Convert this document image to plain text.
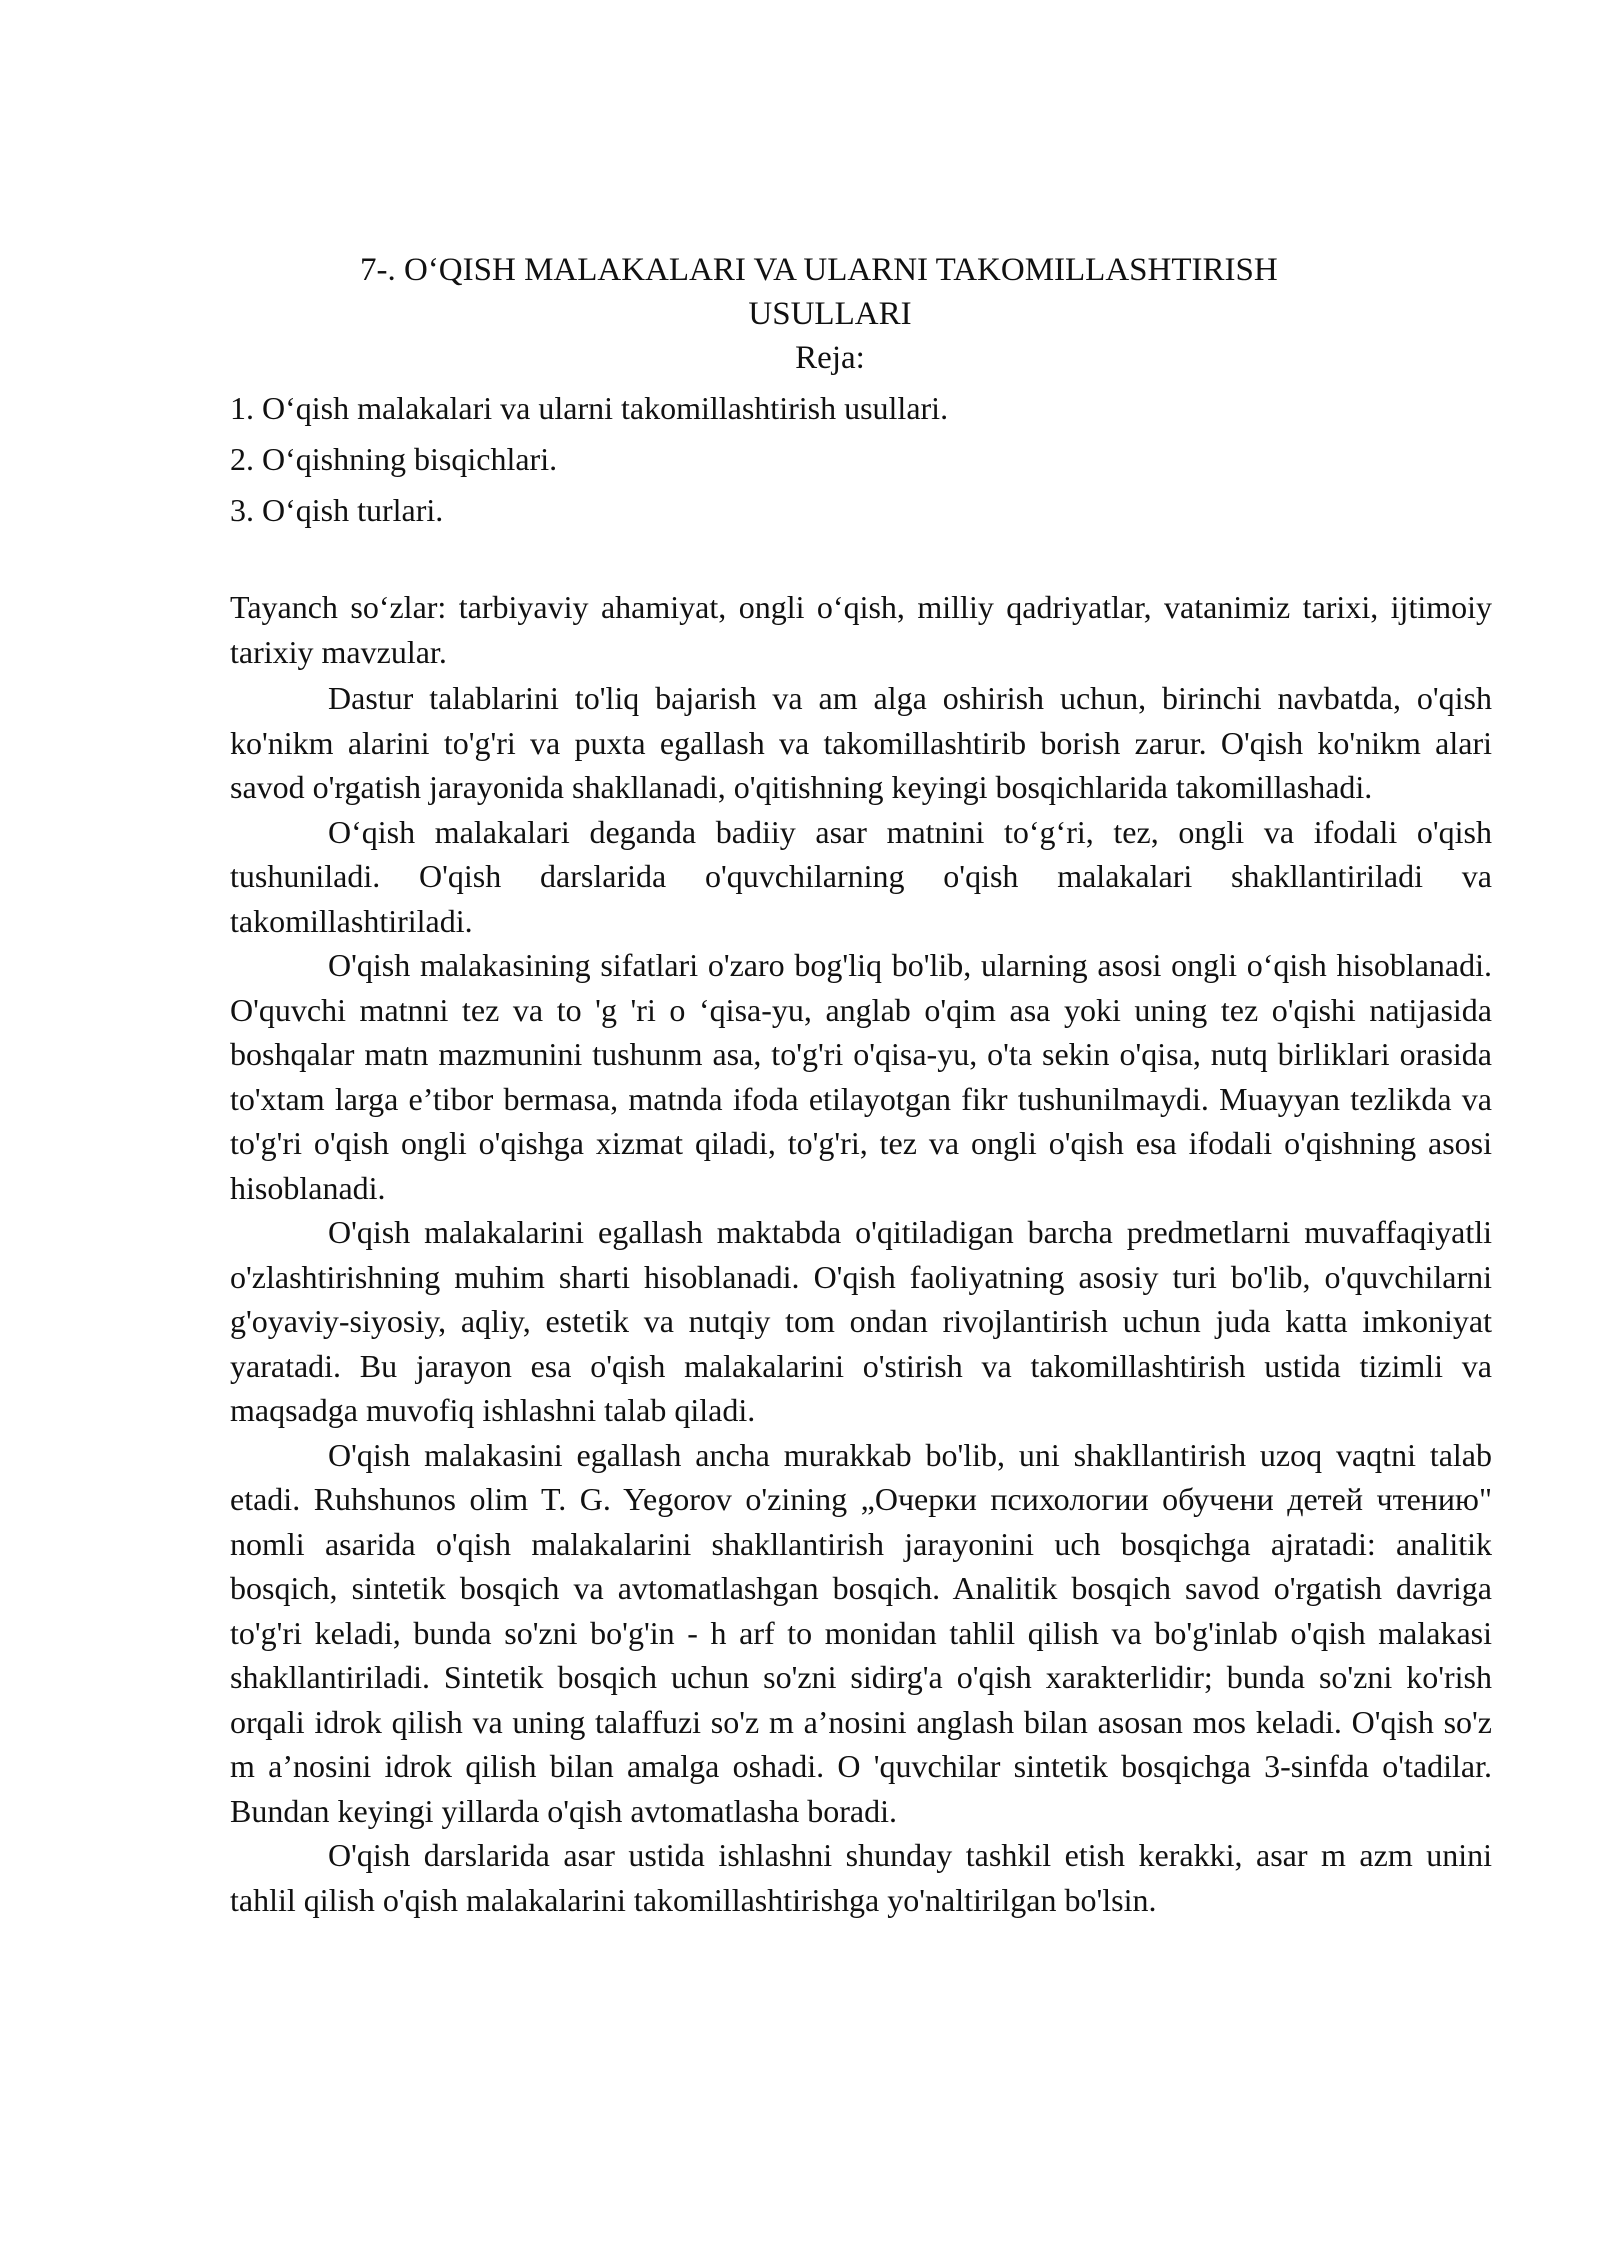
7-. O‘QISH MALAKALARI VA ULARNI TAKOMILLASHTIRISH
USULLARI
Reja:
1. O‘qish malakalari va ularni takomillashtirish usullari.
2. O‘qishning bisqichlari.
3. O‘qish turlari.

Tayanch so‘zlar: tarbiyaviy ahamiyat, ongli o‘qish, milliy qadriyatlar, vatanimiz tarixi, ijtimoiy tarixiy mavzular.

Dastur talablarini to'liq bajarish va am alga oshirish uchun, birinchi navbatda, o'qish ko'nikm alarini to'g'ri va puxta egallash va takomillashtirib borish zarur. O'qish ko'nikm alari savod o'rgatish jarayonida shakllanadi, o'qitishning keyingi bosqichlarida takomillashadi.

O‘qish malakalari deganda badiiy asar matnini to‘g‘ri, tez, ongli va ifodali o'qish tushuniladi. O'qish darslarida o'quvchilarning o'qish malakalari shakllantiriladi va takomillashtiriladi.

O'qish malakasining sifatlari o'zaro bog'liq bo'lib, ularning asosi ongli o‘qish hisoblanadi. O'quvchi matnni tez va to 'g 'ri o ‘qisa-yu, anglab o'qim asa yoki uning tez o'qishi natijasida boshqalar matn mazmunini tushunm asa, to'g'ri o'qisa-yu, o'ta sekin o'qisa, nutq birliklari orasida to'xtam larga e’tibor bermasa, matnda ifoda etilayotgan fikr tushunilmaydi. Muayyan tezlikda va to'g'ri o'qish ongli o'qishga xizmat qiladi, to'g'ri, tez va ongli o'qish esa ifodali o'qishning asosi hisoblanadi.

O'qish malakalarini egallash maktabda o'qitiladigan barcha predmetlarni muvaffaqiyatli o'zlashtirishning muhim sharti hisoblanadi. O'qish faoliyatning asosiy turi bo'lib, o'quvchilarni g'oyaviy-siyosiy, aqliy, estetik va nutqiy tom ondan rivojlantirish uchun juda katta imkoniyat yaratadi. Bu jarayon esa o'qish malakalarini o'stirish va takomillashtirish ustida tizimli va maqsadga muvofiq ishlashni talab qiladi.

O'qish malakasini egallash ancha murakkab bo'lib, uni shakllantirish uzoq vaqtni talab etadi. Ruhshunos olim T. G. Yegorov o'zining „Очерки психологии обучени детей чтению" nomli asarida o'qish malakalarini shakllantirish jarayonini uch bosqichga ajratadi: analitik bosqich, sintetik bosqich va avtomatlashgan bosqich. Analitik bosqich savod o'rgatish davriga to'g'ri keladi, bunda so'zni bo'g'in - h arf to monidan tahlil qilish va bo'g'inlab o'qish malakasi shakllantiriladi. Sintetik bosqich uchun so'zni sidirg'a o'qish xarakterlidir; bunda so'zni ko'rish orqali idrok qilish va uning talaffuzi so'z m a’nosini anglash bilan asosan mos keladi. O'qish so'z m a’nosini idrok qilish bilan amalga oshadi. O 'quvchilar sintetik bosqichga 3-sinfda o'tadilar. Bundan keyingi yillarda o'qish avtomatlasha boradi.

O'qish darslarida asar ustida ishlashni shunday tashkil etish kerakki, asar m azm unini tahlil qilish o'qish malakalarini takomillashtirishga yo'naltirilgan bo'lsin.
